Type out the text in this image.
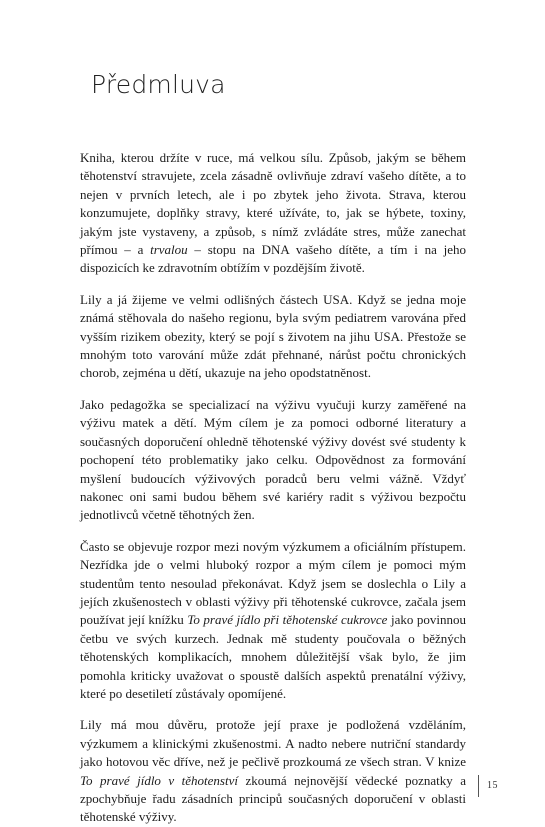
Předmluva

Kniha, kterou držíte v ruce, má velkou sílu. Způsob, jakým se během těhotenství stravujete, zcela zásadně ovlivňuje zdraví vašeho dítěte, a to nejen v prvních letech, ale i po zbytek jeho života. Strava, kterou konzumujete, doplňky stravy, které užíváte, to, jak se hýbete, toxiny, jakým jste vystaveny, a způsob, s nímž zvládáte stres, může zanechat přímou – a trvalou – stopu na DNA vašeho dítěte, a tím i na jeho dispozicích ke zdravotním obtížím v pozdějším životě.

Lily a já žijeme ve velmi odlišných částech USA. Když se jedna moje známá stěhovala do našeho regionu, byla svým pediatrem varována před vyšším rizikem obezity, který se pojí s životem na jihu USA. Přestože se mnohým toto varování může zdát přehnané, nárůst počtu chronických chorob, zejména u dětí, ukazuje na jeho opodstatněnost.

Jako pedagožka se specializací na výživu vyučuji kurzy zaměřené na výživu matek a dětí. Mým cílem je za pomoci odborné literatury a současných doporučení ohledně těhotenské výživy dovést své studenty k pochopení této problematiky jako celku. Odpovědnost za formování myšlení budoucích výživových poradců beru velmi vážně. Vždyť nakonec oni sami budou během své kariéry radit s výživou bezpočtu jednotlivců včetně těhotných žen.

Často se objevuje rozpor mezi novým výzkumem a oficiálním přístupem. Nezřídka jde o velmi hluboký rozpor a mým cílem je pomoci mým studentům tento nesoulad překonávat. Když jsem se doslechla o Lily a jejích zkušenostech v oblasti výživy při těhotenské cukrovce, začala jsem používat její knížku To pravé jídlo při těhotenské cukrovce jako povinnou četbu ve svých kurzech. Jednak mě studenty poučovala o běžných těhotenských komplikacích, mnohem důležitější však bylo, že jim pomohla kriticky uvažovat o spoustě dalších aspektů prenatální výživy, které po desetiletí zůstávaly opomíjené.

Lily má mou důvěru, protože její praxe je podložená vzděláním, výzkumem a klinickými zkušenostmi. A nadto nebere nutriční standardy jako hotovou věc dříve, než je pečlivě prozkoumá ze všech stran. V knize To pravé jídlo v těhotenství zkoumá nejnovější vědecké poznatky a zpochybňuje řadu zásadních principů současných doporučení v oblasti těhotenské výživy.

15
